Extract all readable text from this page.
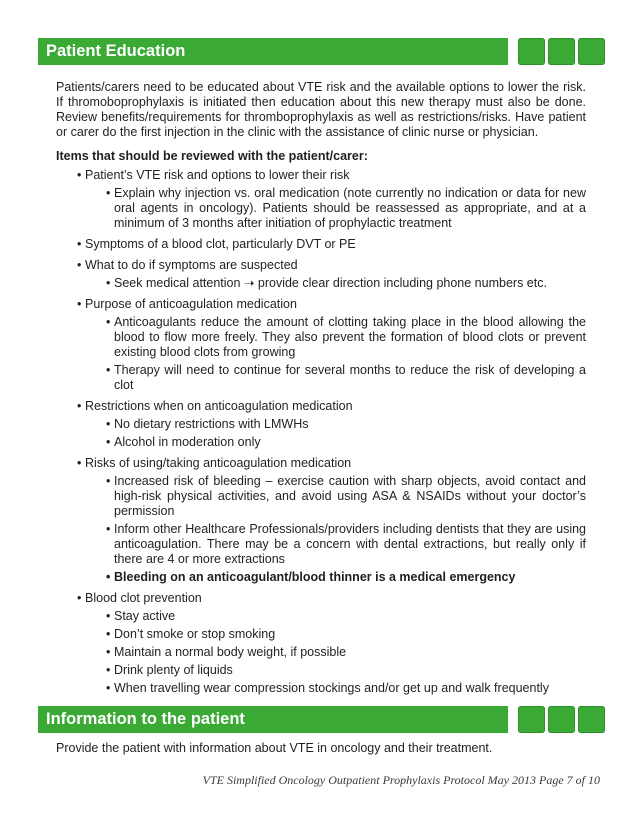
Patient Education

Patients/carers need to be educated about VTE risk and the available options to lower the risk. If thromoboprophylaxis is initiated then education about this new therapy must also be done. Review benefits/requirements for thromboprophylaxis as well as restrictions/risks. Have patient or carer do the first injection in the clinic with the assistance of clinic nurse or physician.

Items that should be reviewed with the patient/carer:
• Patient’s VTE risk and options to lower their risk
• Explain why injection vs. oral medication (note currently no indication or data for new oral agents in oncology). Patients should be reassessed as appropriate, and at a minimum of 3 months after initiation of prophylactic treatment
• Symptoms of a blood clot, particularly DVT or PE
• What to do if symptoms are suspected
• Seek medical attention ➝ provide clear direction including phone numbers etc.
• Purpose of anticoagulation medication
• Anticoagulants reduce the amount of clotting taking place in the blood allowing the blood to flow more freely. They also prevent the formation of blood clots or prevent existing blood clots from growing
• Therapy will need to continue for several months to reduce the risk of developing a clot
• Restrictions when on anticoagulation medication
• No dietary restrictions with LMWHs
• Alcohol in moderation only
• Risks of using/taking anticoagulation medication
• Increased risk of bleeding – exercise caution with sharp objects, avoid contact and high-risk physical activities, and avoid using ASA & NSAIDs without your doctor’s permission
• Inform other Healthcare Professionals/providers including dentists that they are using anticoagulation. There may be a concern with dental extractions, but really only if there are 4 or more extractions
• Bleeding on an anticoagulant/blood thinner is a medical emergency
• Blood clot prevention
• Stay active
• Don’t smoke or stop smoking
• Maintain a normal body weight, if possible
• Drink plenty of liquids
• When travelling wear compression stockings and/or get up and walk frequently
Information to the patient
Provide the patient with information about VTE in oncology and their treatment.
VTE Simplified Oncology Outpatient Prophylaxis Protocol May 2013 Page 7 of 10
